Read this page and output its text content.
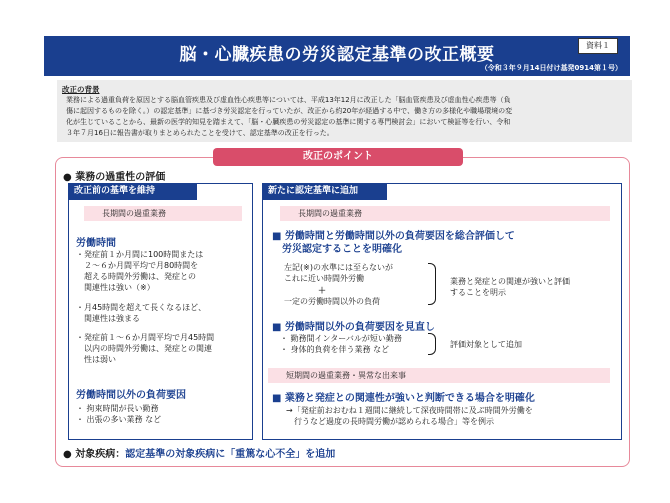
脳・心臓疾患の労災認定基準の改正概要
（令和３年９月14日付け基発0914第１号）
資料１
改正の背景
業務による過重負荷を原因とする脳血管疾患及び虚血性心疾患等については、平成13年12月に改正した「脳血管疾患及び虚血性心疾患等（負
傷に起因するものを除く。）の認定基準」に基づき労災認定を行っていたが、改正から約20年が経過する中で、働き方の多様化や職場環境の変
化が生じていることから、最新の医学的知見を踏まえて、「脳・心臓疾患の労災認定の基準に関する専門検討会」において検証等を行い、令和
３年７月16日に報告書が取りまとめられたことを受けて、認定基準の改正を行った。
改正のポイント
● 業務の過重性の評価
改正前の基準を維持
長期間の過重業務
労働時間
・発症前１か月間に100時間または
　２～６か月間平均で月80時間を
　超える時間外労働は、発症との
　関連性は強い（※）
・月45時間を超えて長くなるほど、
　関連性は強まる
・発症前１～６か月間平均で月45時間
　以内の時間外労働は、発症との関連
　性は弱い
労働時間以外の負荷要因
・ 拘束時間が長い勤務
・ 出張の多い業務 など
新たに認定基準に追加
長期間の過重業務
■ 労働時間と労働時間以外の負荷要因を総合評価して
　労災認定することを明確化
左記(※)の水準には至らないが
これに近い時間外労働
＋
一定の労働時間以外の負荷
業務と発症との関連が強いと評価
することを明示
■ 労働時間以外の負荷要因を見直し
・ 勤務間インターバルが短い勤務
・ 身体的負荷を伴う業務 など
評価対象として追加
短期間の過重業務・異常な出来事
■ 業務と発症との関連性が強いと判断できる場合を明確化
→「発症前おおむね１週間に継続して深夜時間帯に及ぶ時間外労働を
　行うなど過度の長時間労働が認められる場合」等を例示
● 対象疾病：認定基準の対象疾病に「重篤な心不全」を追加
